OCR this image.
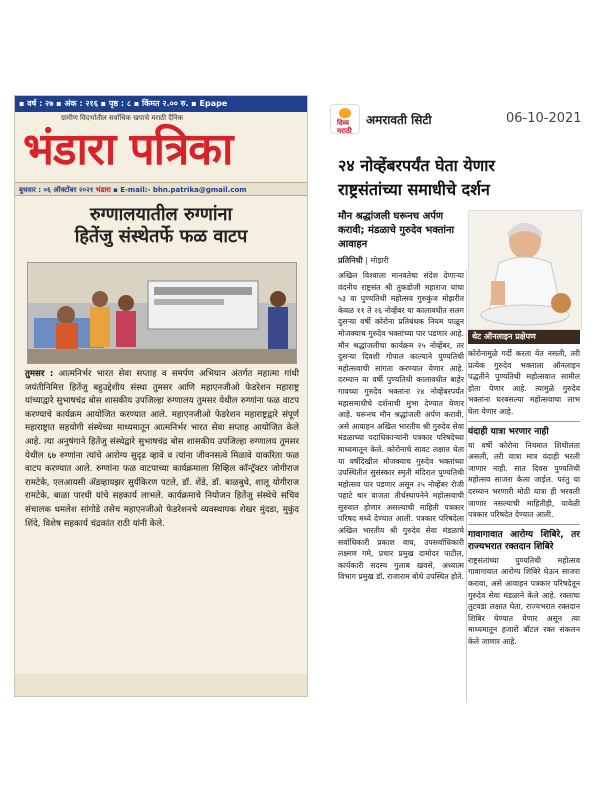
▪ वर्ष : २७ ▪ अंक : २१६ ▪ पृष्ठ : ८ ▪ किंमत २.०० रु. ▪ Epape
ग्रामीण विदर्भातील सर्वाधिक खपाचे मराठी दैनिक
भंडारा पत्रिका
बुधवार : ०६ ऑक्टोंबर २०२१ भंडारा ▪ E-mail:- bhn.patrika@gmail.com
रुग्णालयातील रुग्णांना
हितेंजु संस्थेतर्फे फळ वाटप
तुमसर : आत्मनिर्भर भारत सेवा सप्ताह व समर्पण अभियान अंतर्गत महात्मा गांधी जयंतीनिमित्त हितेंजु बहुउद्देशीय संस्था तुमसर आणि महाएनजीओ फेडरेशन महाराष्ट्र यांच्याद्वारे सुभाषचंद्र बोस शासकीय उपजिल्हा रुग्णालय तुमसर येथील रुग्णांना फळ वाटप करण्याचे कार्यक्रम आयोजित करण्यात आले. महाएनजीओ फेडरेशन महाराष्ट्रद्वारे संपूर्ण महाराष्ट्रात सहयोगी संस्थेच्या माध्यमातून आत्मनिर्भर भारत सेवा सप्ताह आयोजित केले आहे. त्या अनुषंगाने हितेंजु संस्थेद्वारे सुभाषचंद्र बोस शासकीय उपजिल्हा रुग्णालय तुमसर येथील ६७ रुग्णांना त्यांचे आरोग्य सुदृढ व्हावे व त्यांना जीवनसत्वे मिळावे याकरिता फळ वाटप करण्यात आले. रुग्णांना फळ वाटपाच्या कार्यक्रमाला सिव्हिल कॉन्ट्रॅक्टर जोगीराज रामटेके, एलआयसी ॲडव्हायझर सुर्यकिरण पटले, डॉ. शेंडे, डॉ. बाळबुधे, शालू योगीराज रामटेके, बाळा पारधी यांचे सहकार्य लाभले. कार्यक्रमाचे नियोजन हितेंजु संस्थेचे सचिव संचालक धमलेश सांगोडे तसेच महाएनजीओ फेडरेशनचे व्यवस्थापक शेखर मुंदडा, मुकुंद शिंदे, विशेष सहकार्य चंद्रकांत राठी यांनी केले.
दिव्य मराठी
अमरावती सिटी	06-10-2021
२४ नोव्हेंबरपर्यंत घेता येणार
राष्ट्रसंतांच्या समाधीचे दर्शन
मौन श्रद्धांजली घरूनच अर्पण करावी; मंडळाचे गुरुदेव भक्तांना आवाहन
प्रतिनिधी | मोझरी
थेट ऑनलाइन प्रक्षेपण
अखिल विश्वाला मानवतेचा संदेश देणाऱ्या वंदनीय राष्ट्रसंत श्री तुकडोजी महाराज यांचा ५३ वा पुण्यतिथी महोत्सव गुरुकुंज मोझरीत केवळ ११ ते २६ नोव्हेंबर या कालावधीत सलग दुसऱ्या वर्षी कोरोना प्रतिबंधक नियम पाळून मोजक्याच गुरुदेव भक्तांच्या पार पडणार आहे. मौन श्रद्धांजलीचा कार्यक्रम २५ नोव्हेंबर, तर दुसऱ्या दिवशी गोपाल काल्याने पुण्यतिथी महोत्सवाची सांगता करण्यात येणार आहे. दरम्यान या वर्षी पुण्यतिथी कालावधीत बाहेर गावच्या गुरुदेव भक्तांना २४ नोव्हेंबरपर्यंत महासमाधीचे दर्शनाची मुभा देण्यात येणार आहे. घरूनच मौन श्रद्धांजली अर्पण करावी, असे आवाहन अखिल भारतीय श्री गुरुदेव सेवा मंडळाच्या पदाधिकाऱ्यांनी पत्रकार परिषदेच्या माध्यमातून केले. कोरोनाचे सावट लक्षात घेता या वर्षीदेखील मोजक्याच गुरुदेव भक्तांच्या उपस्थितीत सुसंस्कार स्मृती मंदिरात पुण्यतिथी महोत्सव पार पडणार असून २५ नोव्हेंबर रोजी पहाटे चार वाजता तीर्थस्थापनेने महोत्सवाची सुरुवात होणार असल्याची माहिती पत्रकार परिषद मध्ये देण्यात आली. पत्रकार परिषदेला अखिल भारतीय श्री गुरुदेव सेवा मंडळाचे सर्वाधिकारी प्रकाश वाघ, उपसर्वाधिकारी लक्ष्मण गमे, प्रचार प्रमुख दामोदर पाटील, कार्यकारी सदस्य गुलाब खवसे, अध्यात्म विभाग प्रमुख डॉ. राजाराम बोथे उपस्थित होते.
कोरोनामुळे गर्दी करता येत नसली, तरी प्रत्येक गुरुदेव भक्ताला ऑनलाइन पद्धतीने पुण्यतिथी महोत्सवात सामील होता येणार आहे. त्यामुळे गुरुदेव भक्तांना घरबसल्या महोत्सवाचा लाभ घेता येणार आहे.
यंदाही यात्रा भरणार नाही
या वर्षी कोरोना नियमात शिथीलता असली, तरी यात्रा मात्र यंदाही भरली जाणार नाही. सात दिवस पुण्यतिथी महोत्सव साजरा केला जाईल. परंतु या दरम्यान भरणारी मोठी यात्रा ही भरवली जाणार नसल्याची माहितीही, यावेळी पत्रकार परिषदेत देण्यात आली.
गावागावात आरोग्य शिबिरे, तर राज्यभरात रक्तदान शिबिरे
राष्ट्रसंतांच्या पुण्यतिथी महोत्सव गावागावात आरोग्य शिबिरे घेऊन साजरा करावा, असे आवाहन पत्रकार परिषदेतून गुरुदेव सेवा मंडळाने केले आहे. रक्ताचा तुटवडा लक्षात घेता, राज्यभरात रक्तदान शिबिर घेण्यात येणार असून त्या माध्यमातून हजारो बॉटल रक्त संकलन केले जाणार आहे.
